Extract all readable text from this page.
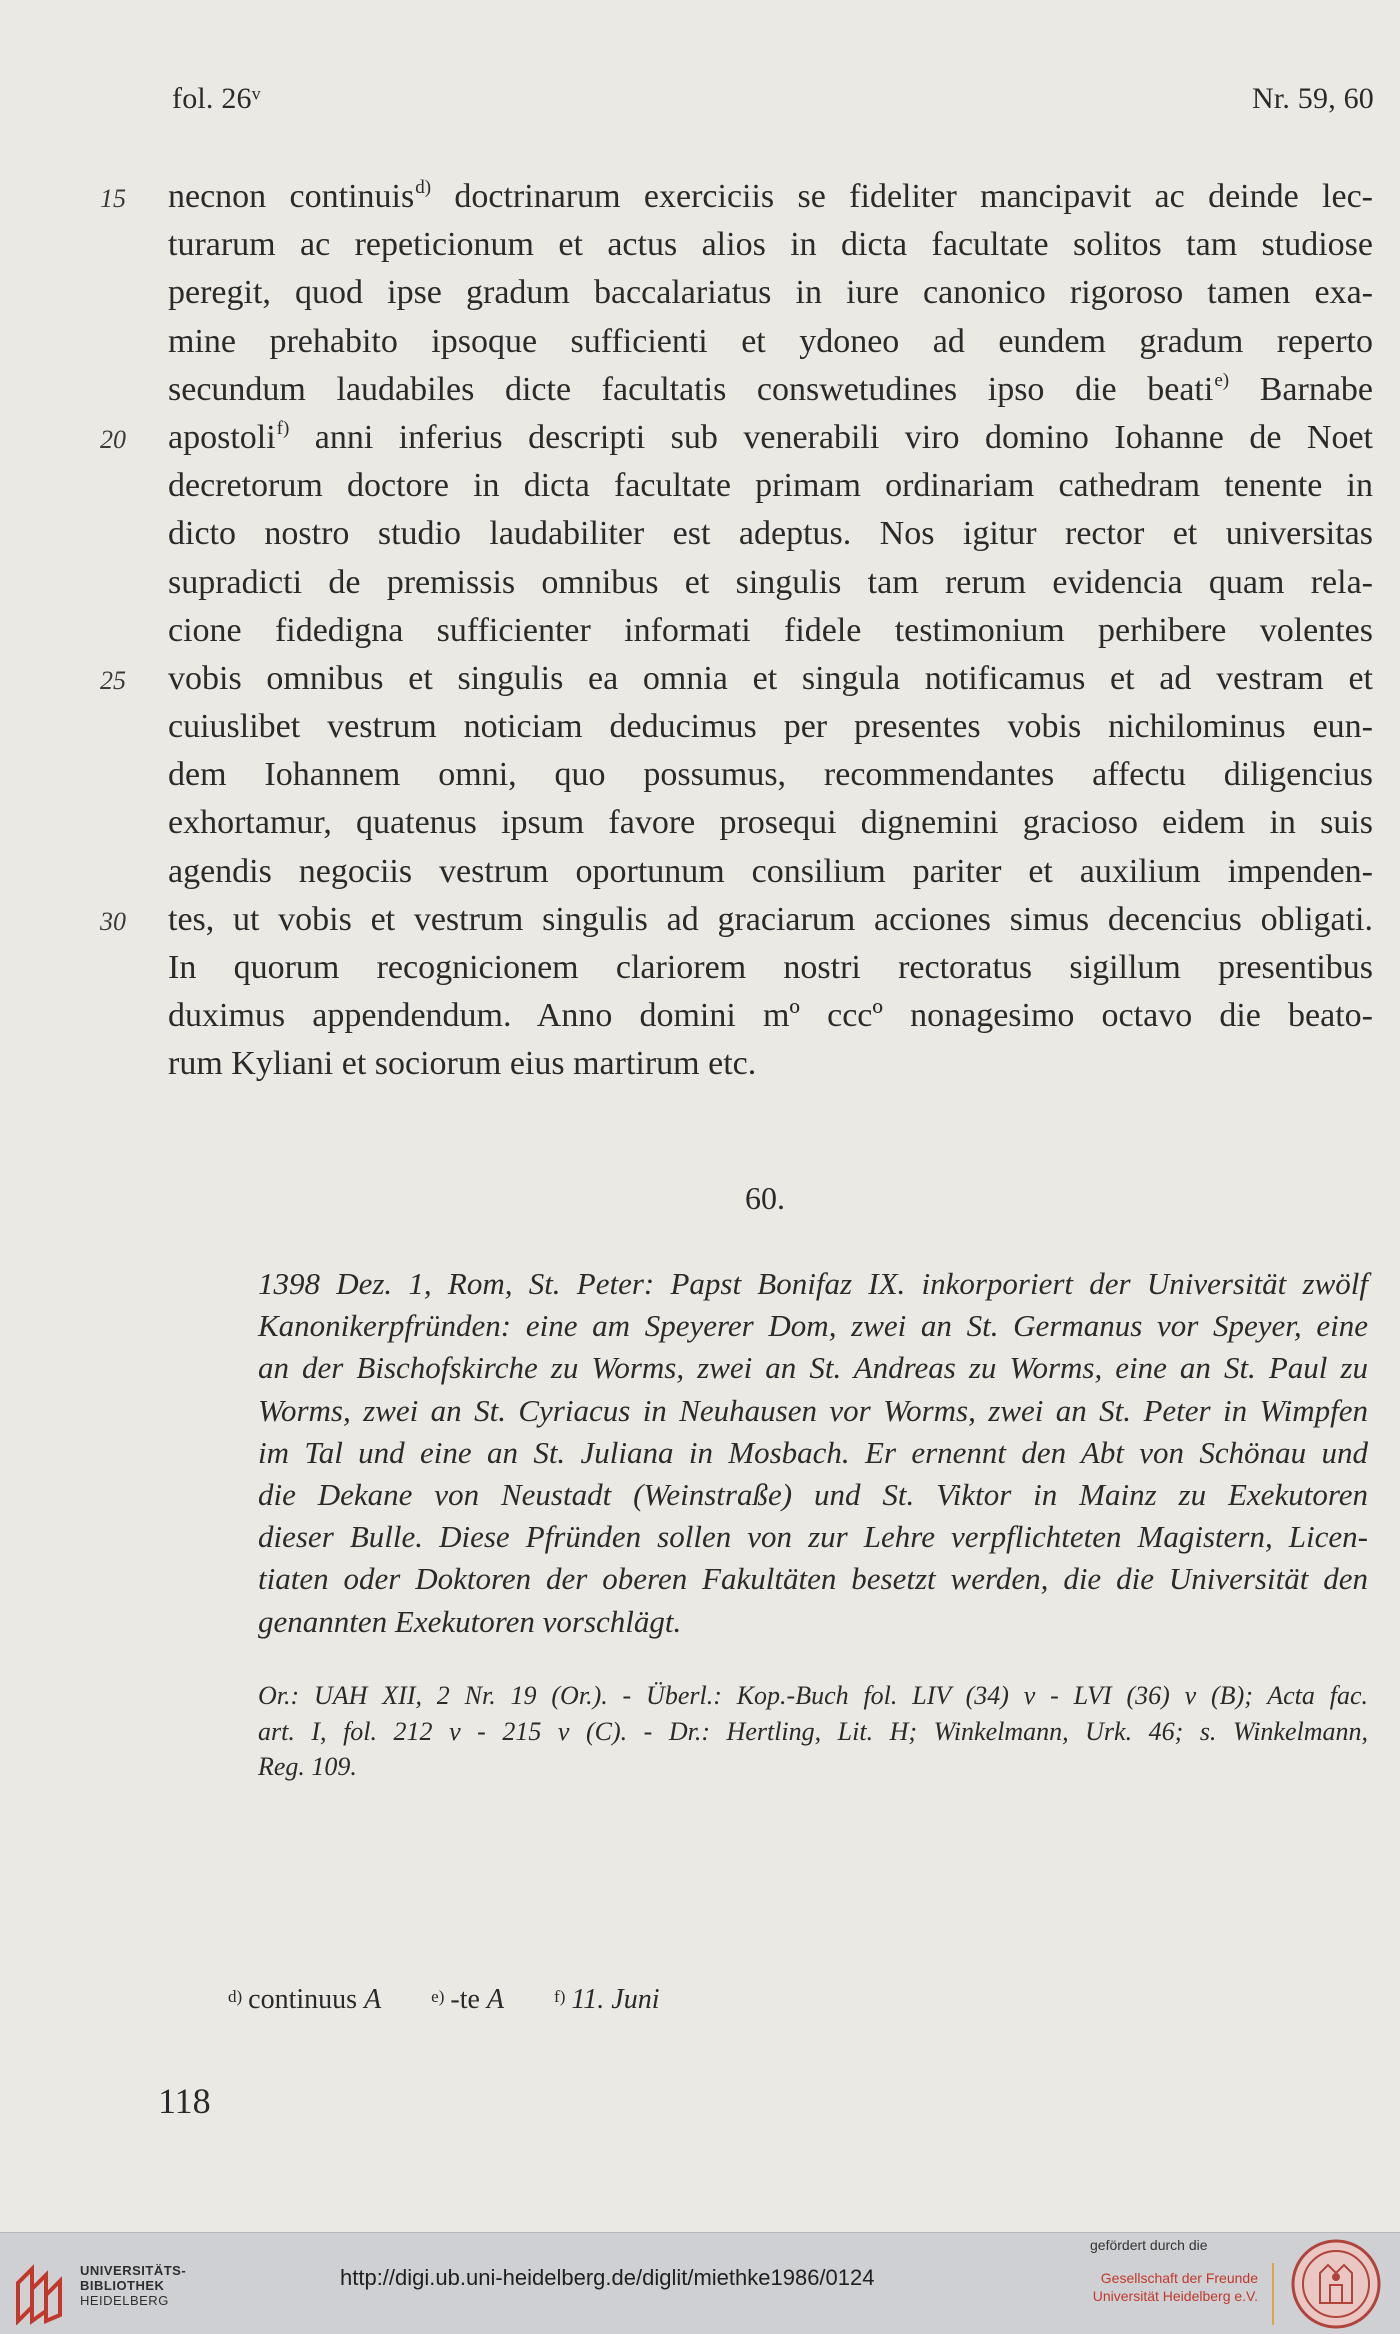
fol. 26ᵛ	Nr. 59, 60
15
20
25
30
necnon continuis$^{d)}$ doctrinarum exerciciis se fideliter mancipavit ac deinde lec-
turarum ac repeticionum et actus alios in dicta facultate solitos tam studiose
peregit, quod ipse gradum baccalariatus in iure canonico rigoroso tamen exa-
mine prehabito ipsoque sufficienti et ydoneo ad eundem gradum reperto
secundum laudabiles dicte facultatis conswetudines ipso die beati$^{e)}$ Barnabe
apostoli$^{f)}$ anni inferius descripti sub venerabili viro domino Iohanne de Noet
decretorum doctore in dicta facultate primam ordinariam cathedram tenente in
dicto nostro studio laudabiliter est adeptus. Nos igitur rector et universitas
supradicti de premissis omnibus et singulis tam rerum evidencia quam rela-
cione fidedigna sufficienter informati fidele testimonium perhibere volentes
vobis omnibus et singulis ea omnia et singula notificamus et ad vestram et
cuiuslibet vestrum noticiam deducimus per presentes vobis nichilominus eun-
dem Iohannem omni, quo possumus, recommendantes affectu diligencius
exhortamur, quatenus ipsum favore prosequi dignemini gracioso eidem in suis
agendis negociis vestrum oportunum consilium pariter et auxilium impenden-
tes, ut vobis et vestrum singulis ad graciarum acciones simus decencius obligati.
In quorum recognicionem clariorem nostri rectoratus sigillum presentibus
duximus appendendum. Anno domini mº cccº nonagesimo octavo die beato-
rum Kyliani et sociorum eius martirum etc.
60.
1398 Dez. 1, Rom, St. Peter: Papst Bonifaz IX. inkorporiert der Universität zwölf
Kanonikerpfründen: eine am Speyerer Dom, zwei an St. Germanus vor Speyer, eine
an der Bischofskirche zu Worms, zwei an St. Andreas zu Worms, eine an St. Paul zu
Worms, zwei an St. Cyriacus in Neuhausen vor Worms, zwei an St. Peter in Wimpfen
im Tal und eine an St. Juliana in Mosbach. Er ernennt den Abt von Schönau und
die Dekane von Neustadt (Weinstraße) und St. Viktor in Mainz zu Exekutoren
dieser Bulle. Diese Pfründen sollen von zur Lehre verpflichteten Magistern, Licen-
tiaten oder Doktoren der oberen Fakultäten besetzt werden, die die Universität den
genannten Exekutoren vorschlägt.
Or.: UAH XII, 2 Nr. 19 (Or.). - Überl.: Kop.-Buch fol. LIV (34) v - LVI (36) v (B); Acta fac.
art. I, fol. 212 v - 215 v (C). - Dr.: Hertling, Lit. H; Winkelmann, Urk. 46; s. Winkelmann,
Reg. 109.
$^{d)}$ continuus A	$^{e)}$ -te A	$^{f)}$ 11. Juni
118
UNIVERSITÄTS-
BIBLIOTHEK
HEIDELBERG
http://digi.ub.uni-heidelberg.de/diglit/miethke1986/0124
gefördert durch die
Gesellschaft der Freunde
Universität Heidelberg e.V.
